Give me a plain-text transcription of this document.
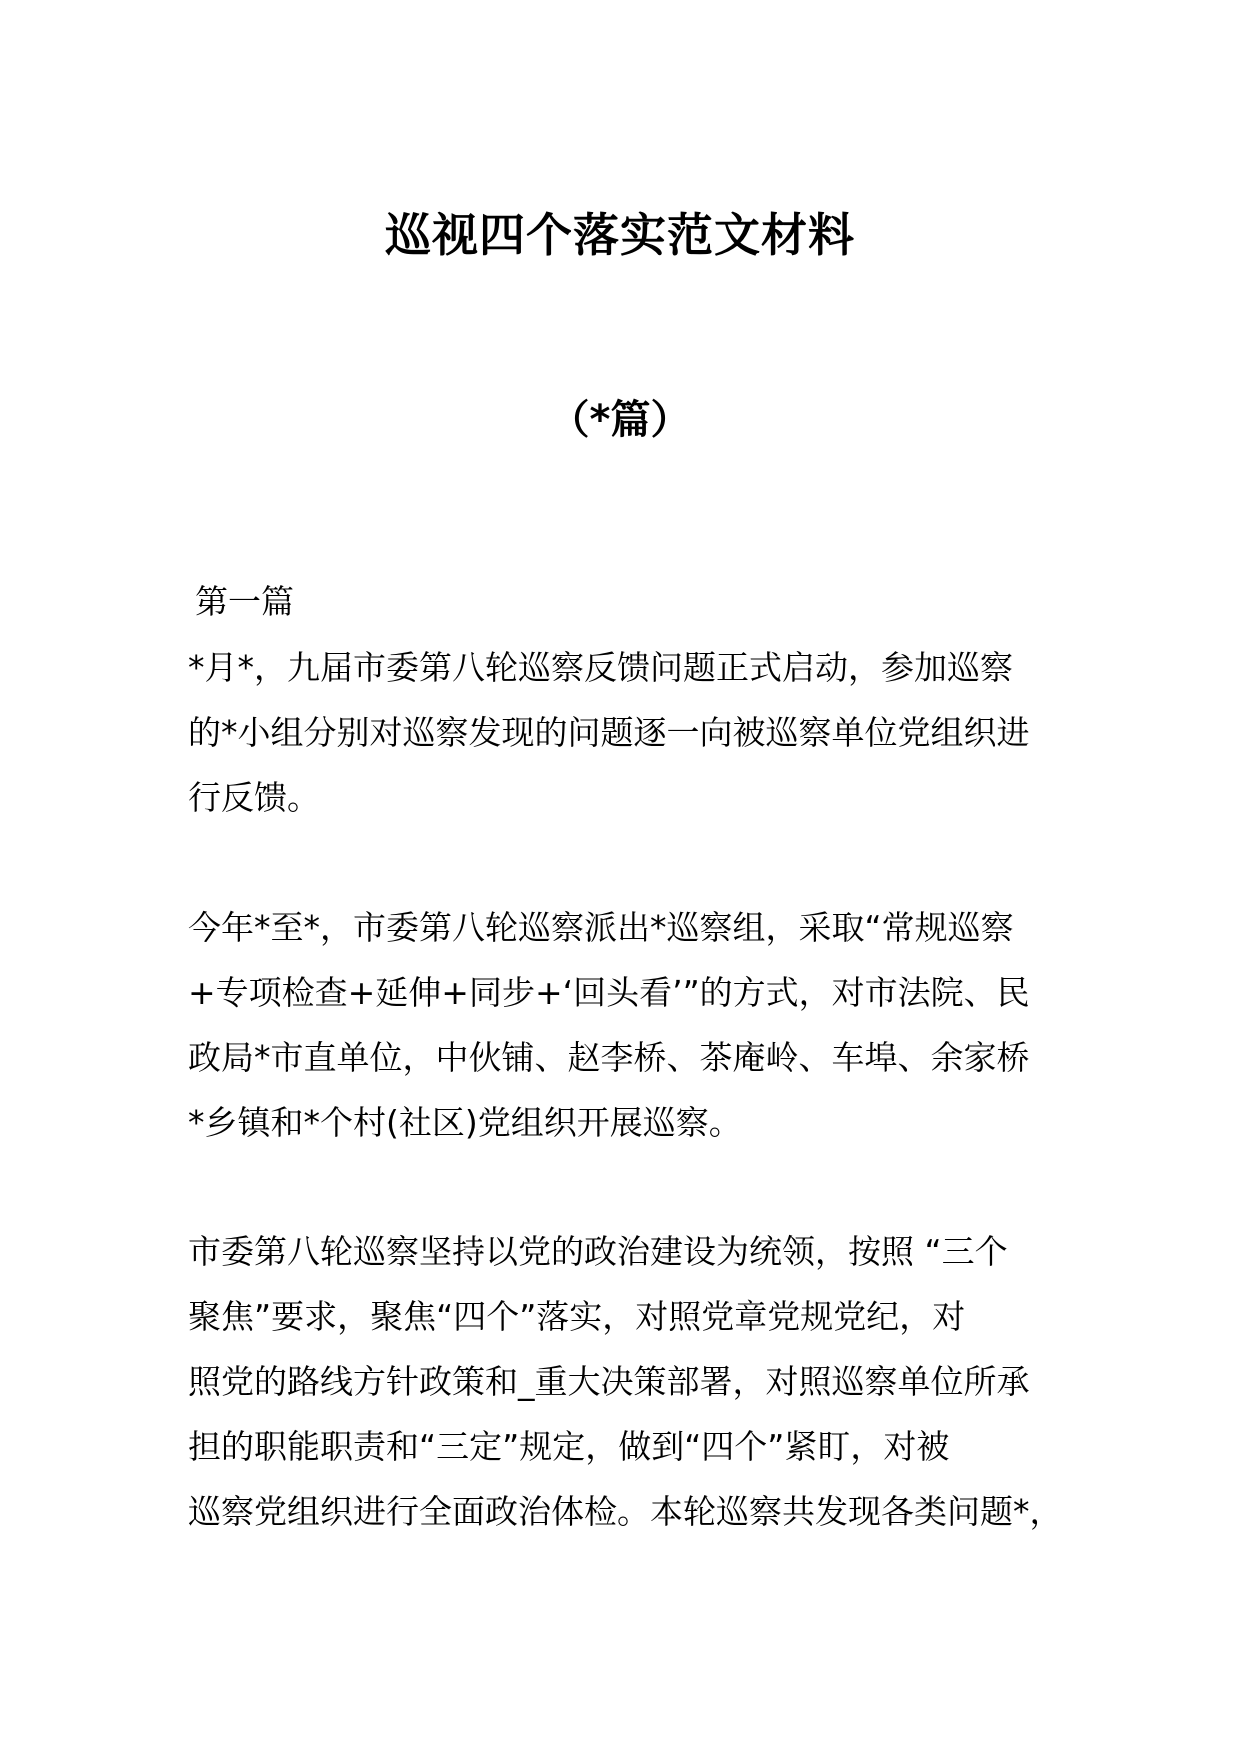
巡视四个落实范文材料
（*篇）
第一篇
*月*，九届市委第八轮巡察反馈问题正式启动，参加巡察
的*小组分别对巡察发现的问题逐一向被巡察单位党组织进
行反馈。
今年*至*，市委第八轮巡察派出*巡察组，采取“常规巡察
+专项检查+延伸+同步+‘回头看’”的方式，对市法院、民
政局*市直单位，中伙铺、赵李桥、茶庵岭、车埠、余家桥
*乡镇和*个村(社区)党组织开展巡察。
市委第八轮巡察坚持以党的政治建设为统领，按照 “三个
聚焦”要求，聚焦“四个”落实，对照党章党规党纪，对
照党的路线方针政策和_重大决策部署，对照巡察单位所承
担的职能职责和“三定”规定，做到“四个”紧盯，对被
巡察党组织进行全面政治体检。本轮巡察共发现各类问题*，
